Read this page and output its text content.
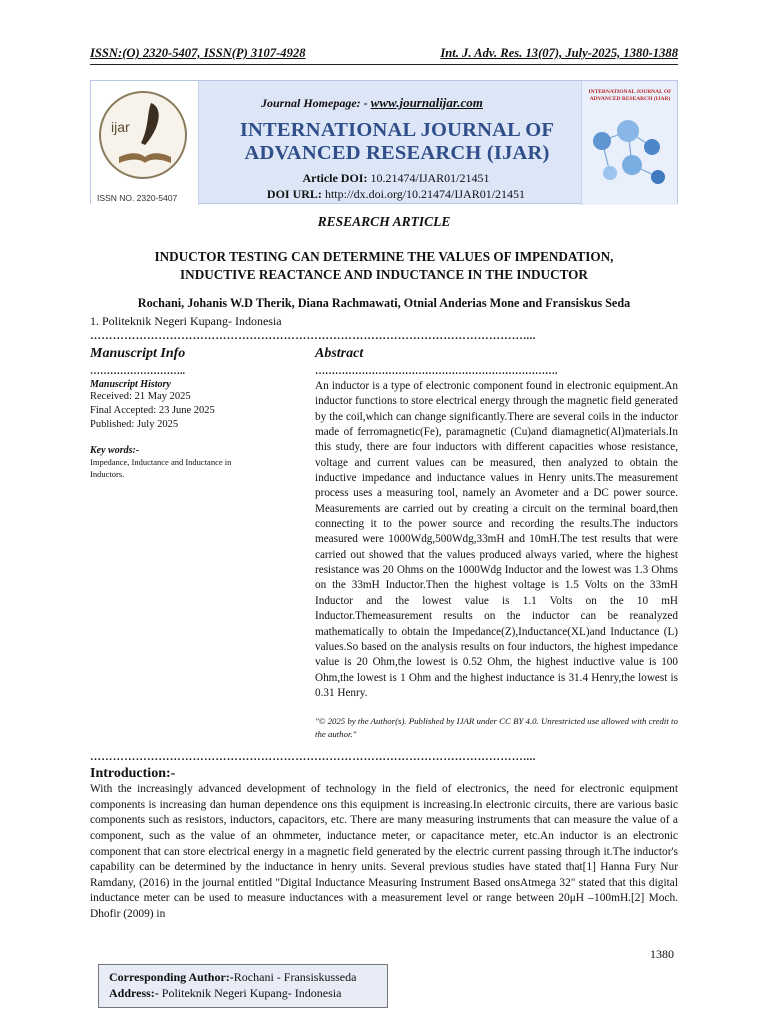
ISSN:(O) 2320-5407, ISSN(P) 3107-4928	Int. J. Adv. Res. 13(07), July-2025, 1380-1388
ijar
ISSN NO. 2320-5407
Journal Homepage: - www.journalijar.com
INTERNATIONAL JOURNAL OF
ADVANCED RESEARCH (IJAR)
Article DOI: 10.21474/IJAR01/21451
DOI URL: http://dx.doi.org/10.21474/IJAR01/21451
INTERNATIONAL JOURNAL OF ADVANCED RESEARCH (IJAR)
RESEARCH ARTICLE
INDUCTOR TESTING CAN DETERMINE THE VALUES OF IMPENDATION,
INDUCTIVE REACTANCE AND INDUCTANCE IN THE INDUCTOR
Rochani, Johanis W.D Therik, Diana Rachmawati, Otnial Anderias Mone and Fransiskus Seda
1. Politeknik Negeri Kupang- Indonesia
……………………………………………………………………………………………………....
Manuscript Info
………………………..
Manuscript History
Received: 21 May 2025
Final Accepted: 23 June 2025
Published: July 2025
Key words:-
Impedance, Inductance and Inductance in Inductors.
Abstract
……………………………………………………………….
An inductor is a type of electronic component found in electronic equipment.An inductor functions to store electrical energy through the magnetic field generated by the coil,which can change significantly.There are several coils in the inductor made of ferromagnetic(Fe), paramagnetic (Cu)and diamagnetic(Al)materials.In this study, there are four inductors with different capacities whose resistance, voltage and current values can be measured, then analyzed to obtain the inductive impedance and inductance values in Henry units.The measurement process uses a measuring tool, namely an Avometer and a DC power source. Measurements are carried out by creating a circuit on the terminal board,then connecting it to the power source and recording the results.The inductors measured were 1000Wdg,500Wdg,33mH and 10mH.The test results that were carried out showed that the values produced always varied, where the highest resistance was 20 Ohms on the 1000Wdg Inductor and the lowest was 1.3 Ohms on the 33mH Inductor.Then the highest voltage is 1.5 Volts on the 33mH Inductor and the lowest value is 1.1 Volts on the 10 mH Inductor.Themeasurement results on the inductor can be reanalyzed mathematically to obtain the Impedance(Z),Inductance(XL)and Inductance (L) values.So based on the analysis results on four inductors, the highest impedance value is 20 Ohm,the lowest is 0.52 Ohm, the highest inductive value is 100 Ohm,the lowest is 1 Ohm and the highest inductance is 31.4 Henry,the lowest is 0.31 Henry.
"© 2025 by the Author(s). Published by IJAR under CC BY 4.0. Unrestricted use allowed with credit to the author."
……………………………………………………………………………………………………....
Introduction:-
With the increasingly advanced development of technology in the field of electronics, the need for electronic equipment components is increasing dan human dependence ons this equipment is increasing.In electronic circuits, there are various basic components such as resistors, inductors, capacitors, etc. There are many measuring instruments that can measure the value of a component, such as the value of an ohmmeter, inductance meter, or capacitance meter, etc.An inductor is an electronic component that can store electrical energy in a magnetic field generated by the electric current passing through it.The inductor's capability can be determined by the inductance in henry units. Several previous studies have stated that[1] Hanna Fury Nur Ramdany, (2016) in the journal entitled "Digital Inductance Measuring Instrument Based onsAtmega 32" stated that this digital inductance meter can be used to measure inductances with a measurement level or range between 20μH –100mH.[2] Moch. Dhofir (2009) in
1380
Corresponding Author:-Rochani - Fransiskusseda
Address:- Politeknik Negeri Kupang- Indonesia
